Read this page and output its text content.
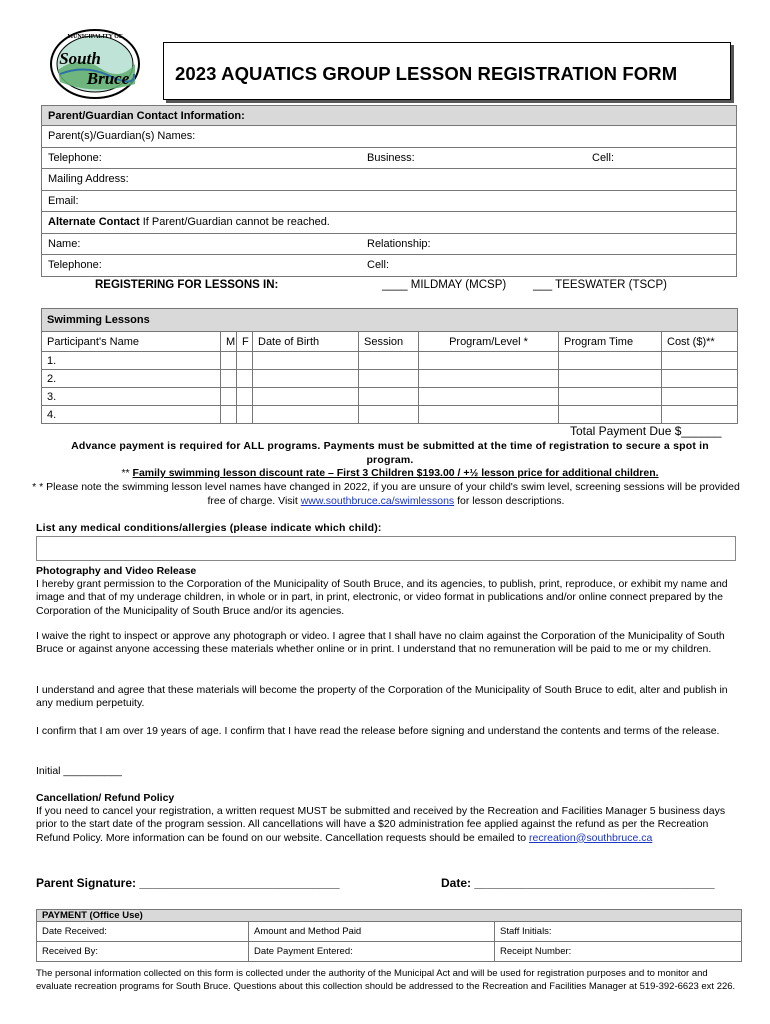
MUNICIPALITY OF
South
Bruce 2023 AQUATICS GROUP LESSON REGISTRATION FORM
Parent/Guardian Contact Information:
Parent(s)/Guardian(s) Names:
Telephone:	Business:	Cell:

Mailing Address:
Email:
Alternate Contact If Parent/Guardian cannot be reached.
Name:	Relationship:

Telephone:	Cell:
REGISTERING FOR LESSONS IN:	____ MILDMAY (MCSP) ___ TEESWATER (TSCP)
Swimming Lessons							
Participant's Name	M	F	Date of Birth	Session	Program/Level *	Program Time	Cost ($)**
1.							
2.							
3.							
4.							
Total Payment Due $______
Advance payment is required for ALL programs. Payments must be submitted at the time of registration to secure a spot in program.
** Family swimming lesson discount rate – First 3 Children $193.00 / +½ lesson price for additional children.
* * Please note the swimming lesson level names have changed in 2022, if you are unsure of your child's swim level, screening sessions will be provided free of charge. Visit www.southbruce.ca/swimlessons for lesson descriptions.
List any medical conditions/allergies (please indicate which child):
Photography and Video Release
I hereby grant permission to the Corporation of the Municipality of South Bruce, and its agencies, to publish, print, reproduce, or exhibit my name and image and that of my underage children, in whole or in part, in print, electronic, or video format in publications and/or online connect prepared by the Corporation of the Municipality of South Bruce and/or its agencies.
I waive the right to inspect or approve any photograph or video. I agree that I shall have no claim against the Corporation of the Municipality of South Bruce or against anyone accessing these materials whether online or in print. I understand that no remuneration will be paid to me or my children.
I understand and agree that these materials will become the property of the Corporation of the Municipality of South Bruce to edit, alter and publish in any medium perpetuity.
I confirm that I am over 19 years of age. I confirm that I have read the release before signing and understand the contents and terms of the release.
Initial __________
Cancellation/ Refund Policy
If you need to cancel your registration, a written request MUST be submitted and received by the Recreation and Facilities Manager 5 business days prior to the start date of the program session. All cancellations will have a $20 administration fee applied against the refund as per the Recreation Refund Policy. More information can be found on our website. Cancellation requests should be emailed to recreation@southbruce.ca
Parent Signature: ______________________________	Date: ____________________________________
PAYMENT (Office Use)		
Date Received:	Amount and Method Paid	Staff Initials:
Received By:	Date Payment Entered:	Receipt Number:
The personal information collected on this form is collected under the authority of the Municipal Act and will be used for registration purposes and to monitor and evaluate recreation programs for South Bruce. Questions about this collection should be addressed to the Recreation and Facilities Manager at 519-392-6623 ext 226.
